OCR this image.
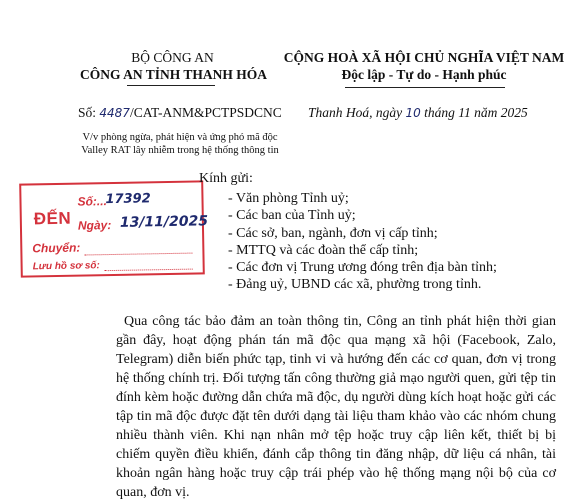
BỘ CÔNG AN
CÔNG AN TỈNH THANH HÓA
CỘNG HOÀ XÃ HỘI CHỦ NGHĨA VIỆT NAM
Độc lập - Tự do - Hạnh phúc
Số: 4487/CAT-ANM&PCTPSDCNC Thanh Hoá, ngày 10 tháng 11 năm 2025
V/v phòng ngừa, phát hiện và ứng phó mã độc
Valley RAT lây nhiễm trong hệ thống thông tin
ĐẾN
Số:...
17392
Ngày: 13/11/2025
Chuyển:
Lưu hồ sơ số:
Kính gửi:
- Văn phòng Tỉnh uỷ;
- Các ban của Tỉnh uỷ;
- Các sở, ban, ngành, đơn vị cấp tỉnh;
- MTTQ và các đoàn thể cấp tỉnh;
- Các đơn vị Trung ương đóng trên địa bàn tỉnh;
- Đảng uỷ, UBND các xã, phường trong tỉnh.

Qua công tác bảo đảm an toàn thông tin, Công an tỉnh phát hiện thời gian gần đây, hoạt động phán tán mã độc qua mạng xã hội (Facebook, Zalo, Telegram) diễn biến phức tạp, tinh vi và hướng đến các cơ quan, đơn vị trong hệ thống chính trị. Đối tượng tấn công thường giả mạo người quen, gửi tệp tin đính kèm hoặc đường dẫn chứa mã độc, dụ người dùng kích hoạt hoặc gửi các tập tin mã độc được đặt tên dưới dạng tài liệu tham khảo vào các nhóm chung nhiều thành viên. Khi nạn nhân mở tệp hoặc truy cập liên kết, thiết bị bị chiếm quyền điều khiển, đánh cắp thông tin đăng nhập, dữ liệu cá nhân, tài khoản ngân hàng hoặc truy cập trái phép vào hệ thống mạng nội bộ của cơ quan, đơn vị.
